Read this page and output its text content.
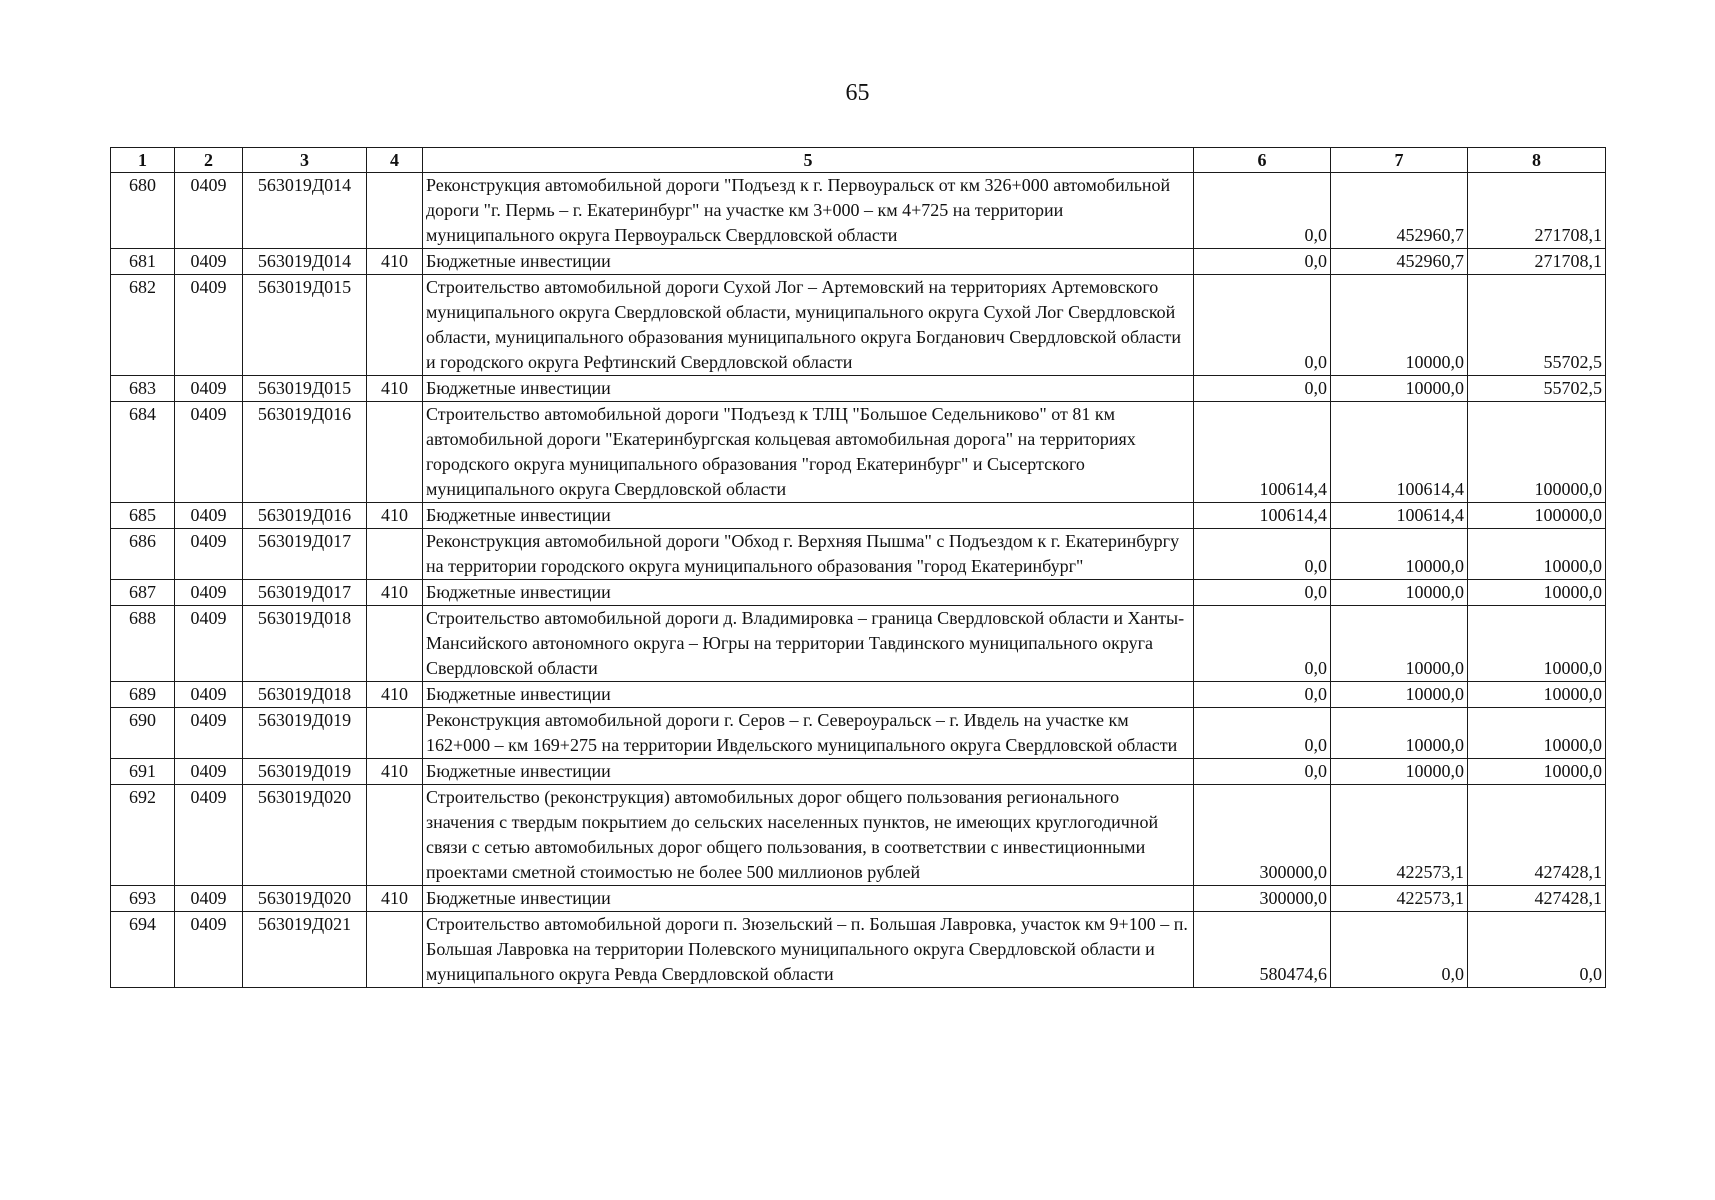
65
1	2	3	4	5	6	7	8
680	0409	563019Д014		Реконструкция автомобильной дороги "Подъезд к г. Первоуральск от км 326+000 автомобильной дороги "г. Пермь – г. Екатеринбург" на участке км 3+000 – км 4+725 на территории муниципального округа Первоуральск Свердловской области	0,0	452960,7	271708,1
681	0409	563019Д014	410	Бюджетные инвестиции	0,0	452960,7	271708,1
682	0409	563019Д015		Строительство автомобильной дороги Сухой Лог – Артемовский на территориях Артемовского муниципального округа Свердловской области, муниципального округа Сухой Лог Свердловской области, муниципального образования муниципального округа Богданович Свердловской области и городского округа Рефтинский Свердловской области	0,0	10000,0	55702,5
683	0409	563019Д015	410	Бюджетные инвестиции	0,0	10000,0	55702,5
684	0409	563019Д016		Строительство автомобильной дороги "Подъезд к ТЛЦ "Большое Седельниково" от 81 км автомобильной дороги "Екатеринбургская кольцевая автомобильная дорога" на территориях городского округа муниципального образования "город Екатеринбург" и Сысертского муниципального округа Свердловской области	100614,4	100614,4	100000,0
685	0409	563019Д016	410	Бюджетные инвестиции	100614,4	100614,4	100000,0
686	0409	563019Д017		Реконструкция автомобильной дороги "Обход г. Верхняя Пышма" с Подъездом к г. Екатеринбургу на территории городского округа муниципального образования "город Екатеринбург"	0,0	10000,0	10000,0
687	0409	563019Д017	410	Бюджетные инвестиции	0,0	10000,0	10000,0
688	0409	563019Д018		Строительство автомобильной дороги д. Владимировка – граница Свердловской области и Ханты-Мансийского автономного округа – Югры на территории Тавдинского муниципального округа Свердловской области	0,0	10000,0	10000,0
689	0409	563019Д018	410	Бюджетные инвестиции	0,0	10000,0	10000,0
690	0409	563019Д019		Реконструкция автомобильной дороги г. Серов – г. Североуральск – г. Ивдель на участке км 162+000 – км 169+275 на территории Ивдельского муниципального округа Свердловской области	0,0	10000,0	10000,0
691	0409	563019Д019	410	Бюджетные инвестиции	0,0	10000,0	10000,0
692	0409	563019Д020		Строительство (реконструкция) автомобильных дорог общего пользования регионального значения с твердым покрытием до сельских населенных пунктов, не имеющих круглогодичной связи с сетью автомобильных дорог общего пользования, в соответствии с инвестиционными проектами сметной стоимостью не более 500 миллионов рублей	300000,0	422573,1	427428,1
693	0409	563019Д020	410	Бюджетные инвестиции	300000,0	422573,1	427428,1
694	0409	563019Д021		Строительство автомобильной дороги п. Зюзельский – п. Большая Лавровка, участок км 9+100 – п. Большая Лавровка на территории Полевского муниципального округа Свердловской области и муниципального округа Ревда Свердловской области	580474,6	0,0	0,0
